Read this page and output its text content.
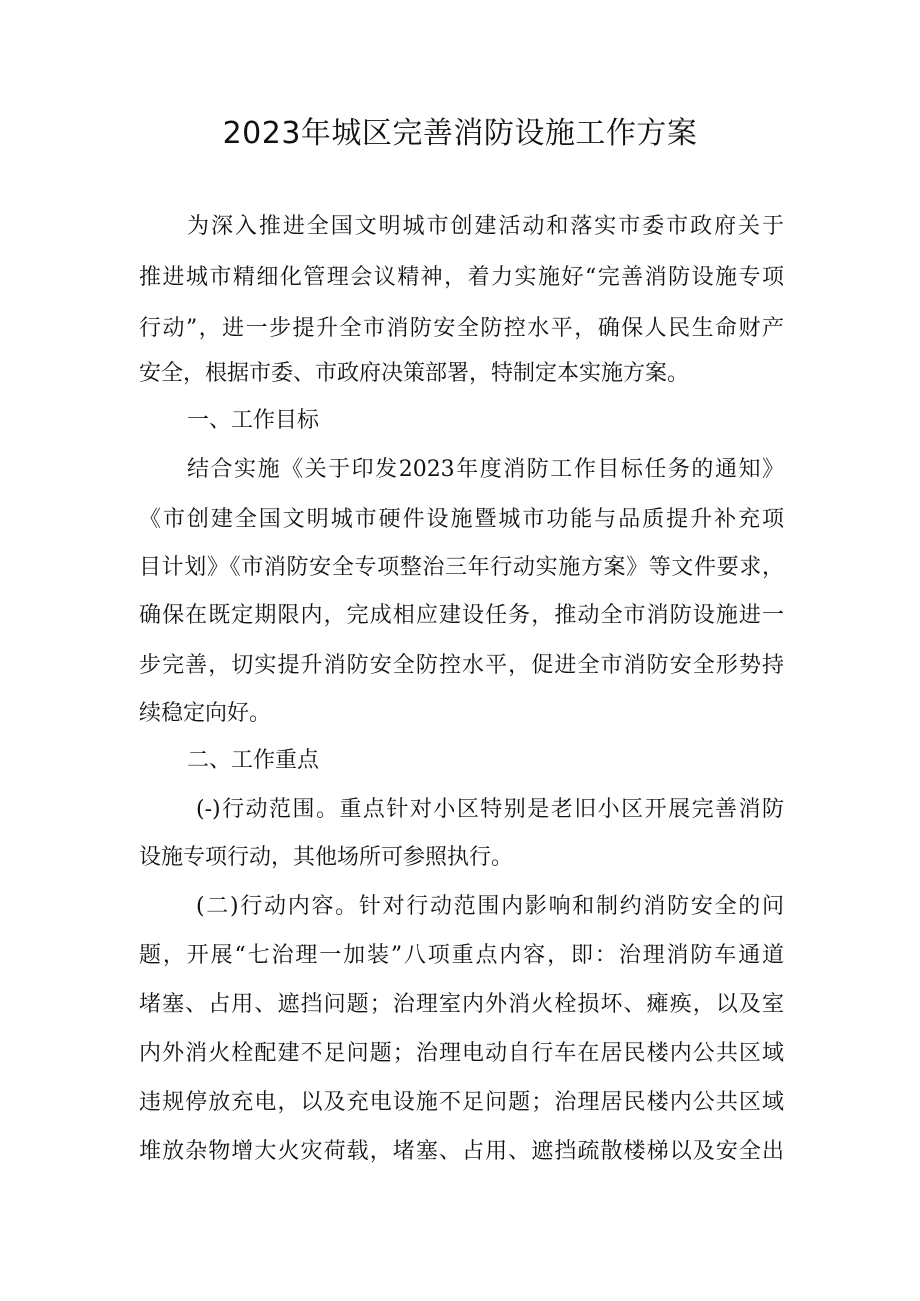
2023年城区完善消防设施工作方案
为深入推进全国文明城市创建活动和落实市委市政府关于
推进城市精细化管理会议精神，着力实施好“完善消防设施专项
行动”，进一步提升全市消防安全防控水平，确保人民生命财产
安全，根据市委、市政府决策部署，特制定本实施方案。
一、工作目标
结合实施《关于印发2023年度消防工作目标任务的通知》
《市创建全国文明城市硬件设施暨城市功能与品质提升补充项
目计划》《市消防安全专项整治三年行动实施方案》等文件要求，
确保在既定期限内，完成相应建设任务，推动全市消防设施进一
步完善，切实提升消防安全防控水平，促进全市消防安全形势持
续稳定向好。
二、工作重点
(-)行动范围。重点针对小区特别是老旧小区开展完善消防
设施专项行动，其他场所可参照执行。
(二)行动内容。针对行动范围内影响和制约消防安全的问
题，开展“七治理一加装”八项重点内容，即：治理消防车通道
堵塞、占用、遮挡问题；治理室内外消火栓损坏、瘫痪，以及室
内外消火栓配建不足问题；治理电动自行车在居民楼内公共区域
违规停放充电，以及充电设施不足问题；治理居民楼内公共区域
堆放杂物增大火灾荷载，堵塞、占用、遮挡疏散楼梯以及安全出
